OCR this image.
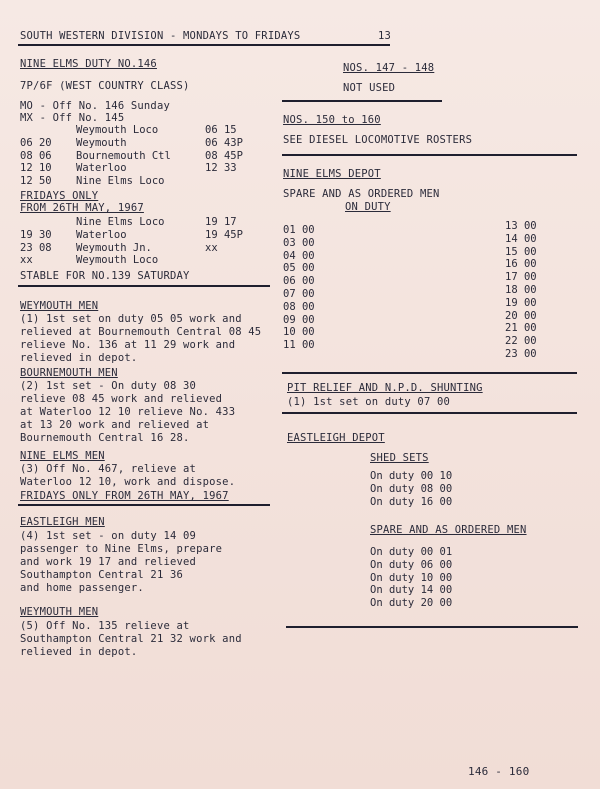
SOUTH WESTERN DIVISION - MONDAYS TO FRIDAYS	13
NINE ELMS DUTY NO.146
7P/6F (WEST COUNTRY CLASS)
MO - Off No. 146 Sunday
MX - Off No. 145
Weymouth Loco	06 15
06 20 Weymouth	06 43P
08 06 Bournemouth Ctl	08 45P
12 10 Waterloo	12 33
12 50 Nine Elms Loco
FRIDAYS ONLY
FROM 26TH MAY, 1967
Nine Elms Loco	19 17
19 30 Waterloo	19 45P
23 08 Weymouth Jn.	xx
xx	Weymouth Loco
STABLE FOR NO.139 SATURDAY
WEYMOUTH MEN
(1) 1st set on duty 05 05 work and
relieved at Bournemouth Central 08 45
relieve No. 136 at 11 29 work and
relieved in depot.
BOURNEMOUTH MEN
(2) 1st set - On duty 08 30
relieve 08 45 work and relieved
at Waterloo 12 10 relieve No. 433
at 13 20 work and relieved at
Bournemouth Central 16 28.
NINE ELMS MEN
(3) Off No. 467, relieve at
Waterloo 12 10, work and dispose.
FRIDAYS ONLY FROM 26TH MAY, 1967
EASTLEIGH MEN
(4) 1st set - on duty 14 09
passenger to Nine Elms, prepare
and work 19 17 and relieved
Southampton Central 21 36
and home passenger.
WEYMOUTH MEN
(5) Off No. 135 relieve at
Southampton Central 21 32 work and
relieved in depot.
NOS. 147 - 148
NOT USED
NOS. 150 to 160
SEE DIESEL LOCOMOTIVE ROSTERS
NINE ELMS DEPOT
SPARE AND AS ORDERED MEN
ON DUTY
01 00
03 00
04 00
05 00
06 00
07 00
08 00
09 00
10 00
11 00
13 00
14 00
15 00
16 00
17 00
18 00
19 00
20 00
21 00
22 00
23 00
PIT RELIEF AND N.P.D. SHUNTING
(1) 1st set on duty 07 00
EASTLEIGH DEPOT
SHED SETS
On duty 00 10
On duty 08 00
On duty 16 00
SPARE AND AS ORDERED MEN
On duty 00 01
On duty 06 00
On duty 10 00
On duty 14 00
On duty 20 00
146 - 160
